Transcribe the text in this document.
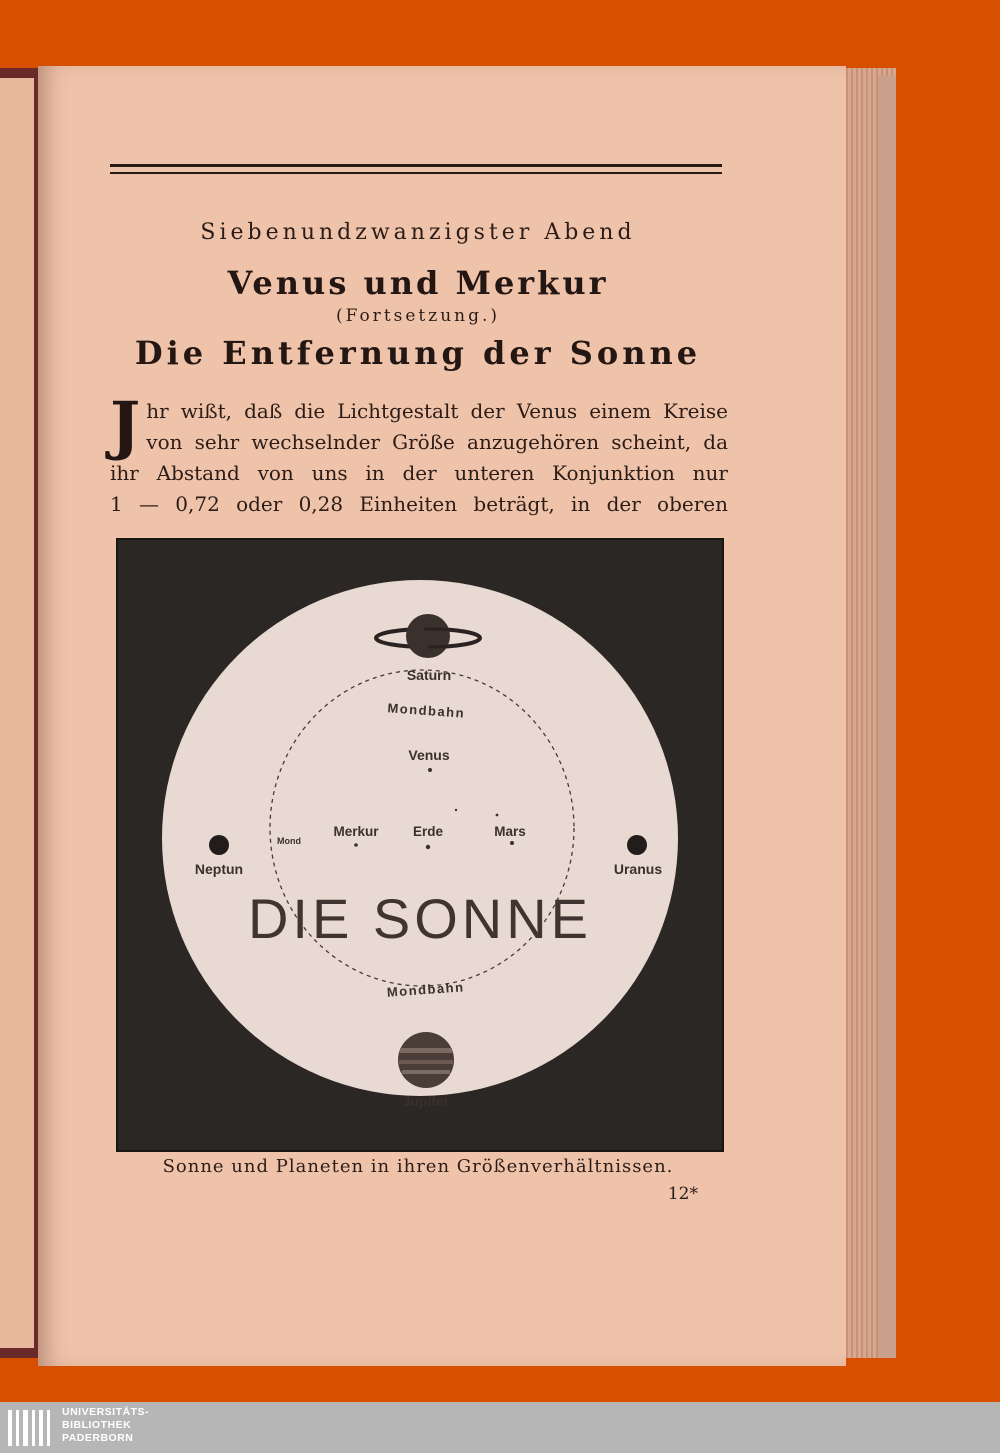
Siebenundzwanzigster Abend
Venus und Merkur
(Fortsetzung.)
Die Entfernung der Sonne
J hr wißt, daß die Lichtgestalt der Venus einem Kreise
von sehr wechselnder Größe anzugehören scheint, da
ihr Abstand von uns in der unteren Konjunktion nur
1 — 0,72 oder 0,28 Einheiten beträgt, in der oberen
Saturn
Venus
Merkur	Erde	Mars
Mond
Neptun	Uranus
Jupiter
Mondbahn
Mondbahn
DIE SONNE
Sonne und Planeten in ihren Größenverhältnissen.
12*
UNIVERSITÄTS-
BIBLIOTHEK
PADERBORN
